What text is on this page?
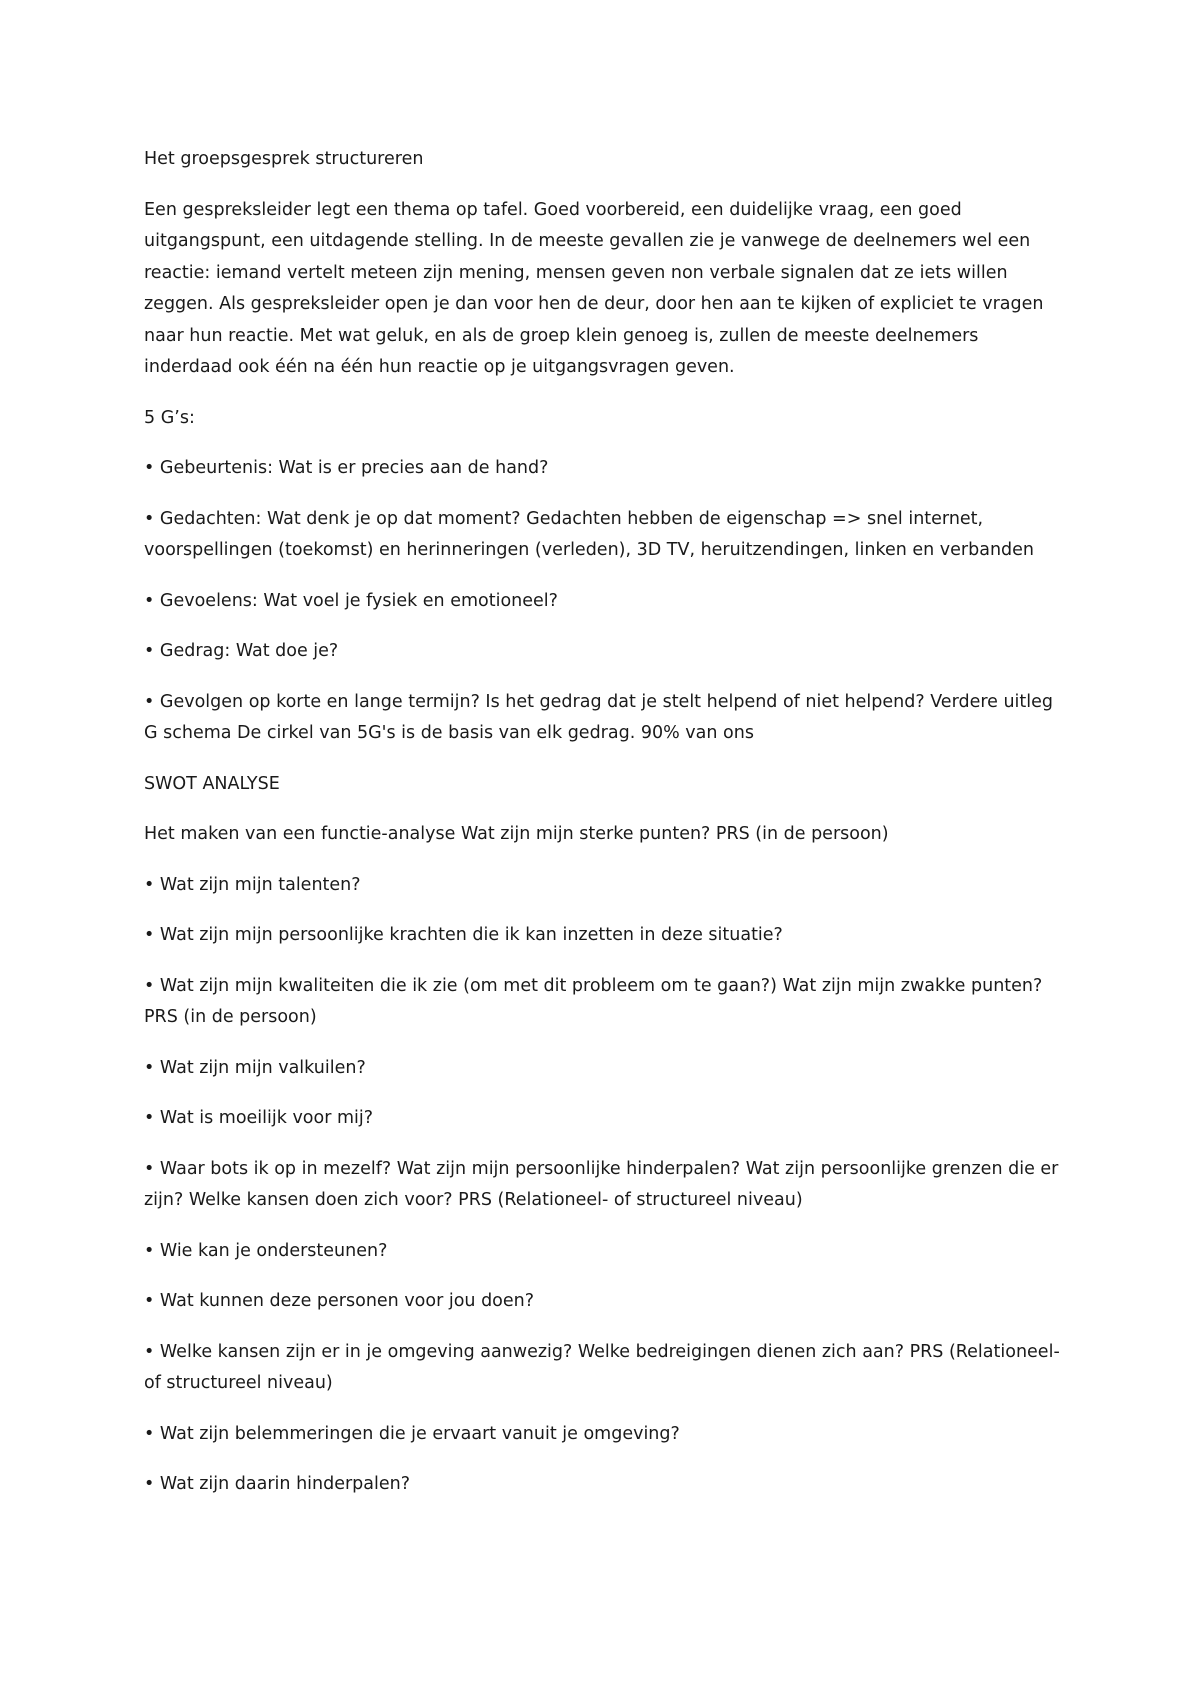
Het groepsgesprek structureren

Een gespreksleider legt een thema op tafel. Goed voorbereid, een duidelijke vraag, een goed uitgangspunt, een uitdagende stelling. In de meeste gevallen zie je vanwege de deelnemers wel een reactie: iemand vertelt meteen zijn mening, mensen geven non verbale signalen dat ze iets willen zeggen. Als gespreksleider open je dan voor hen de deur, door hen aan te kijken of expliciet te vragen naar hun reactie. Met wat geluk, en als de groep klein genoeg is, zullen de meeste deelnemers inderdaad ook één na één hun reactie op je uitgangsvragen geven.

5 G’s:

• Gebeurtenis: Wat is er precies aan de hand?

• Gedachten: Wat denk je op dat moment? Gedachten hebben de eigenschap => snel internet, voorspellingen (toekomst) en herinneringen (verleden), 3D TV, heruitzendingen, linken en verbanden

• Gevoelens: Wat voel je fysiek en emotioneel?

• Gedrag: Wat doe je?

• Gevolgen op korte en lange termijn? Is het gedrag dat je stelt helpend of niet helpend? Verdere uitleg G schema De cirkel van 5G's is de basis van elk gedrag. 90% van ons

SWOT ANALYSE

Het maken van een functie-analyse Wat zijn mijn sterke punten? PRS (in de persoon)

• Wat zijn mijn talenten?

• Wat zijn mijn persoonlijke krachten die ik kan inzetten in deze situatie?

• Wat zijn mijn kwaliteiten die ik zie (om met dit probleem om te gaan?) Wat zijn mijn zwakke punten? PRS (in de persoon)

• Wat zijn mijn valkuilen?

• Wat is moeilijk voor mij?

• Waar bots ik op in mezelf? Wat zijn mijn persoonlijke hinderpalen? Wat zijn persoonlijke grenzen die er zijn? Welke kansen doen zich voor? PRS (Relationeel- of structureel niveau)

• Wie kan je ondersteunen?

• Wat kunnen deze personen voor jou doen?

• Welke kansen zijn er in je omgeving aanwezig? Welke bedreigingen dienen zich aan? PRS (Relationeel- of structureel niveau)

• Wat zijn belemmeringen die je ervaart vanuit je omgeving?

• Wat zijn daarin hinderpalen?
